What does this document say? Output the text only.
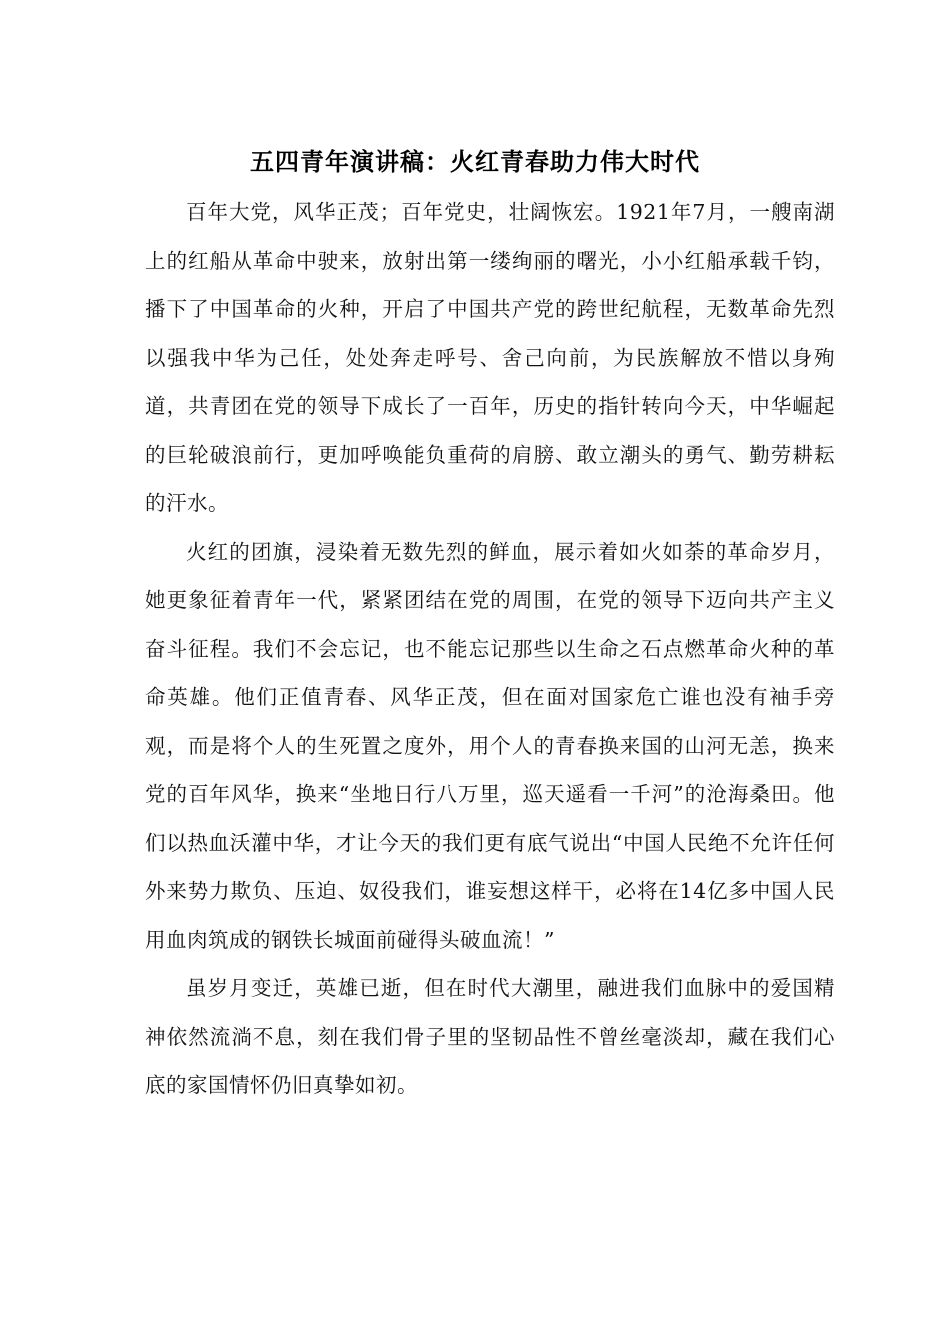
五四青年演讲稿：火红青春助力伟大时代

百年大党，风华正茂；百年党史，壮阔恢宏。1921年7月，一艘南湖上的红船从革命中驶来，放射出第一缕绚丽的曙光，小小红船承载千钧，播下了中国革命的火种，开启了中国共产党的跨世纪航程，无数革命先烈以强我中华为己任，处处奔走呼号、舍己向前，为民族解放不惜以身殉道，共青团在党的领导下成长了一百年，历史的指针转向今天，中华崛起的巨轮破浪前行，更加呼唤能负重荷的肩膀、敢立潮头的勇气、勤劳耕耘的汗水。

火红的团旗，浸染着无数先烈的鲜血，展示着如火如荼的革命岁月，她更象征着青年一代，紧紧团结在党的周围，在党的领导下迈向共产主义奋斗征程。我们不会忘记，也不能忘记那些以生命之石点燃革命火种的革命英雄。他们正值青春、风华正茂，但在面对国家危亡谁也没有袖手旁观，而是将个人的生死置之度外，用个人的青春换来国的山河无恙，换来党的百年风华，换来“坐地日行八万里，巡天遥看一千河”的沧海桑田。他们以热血沃灌中华，才让今天的我们更有底气说出“中国人民绝不允许任何外来势力欺负、压迫、奴役我们，谁妄想这样干，必将在14亿多中国人民用血肉筑成的钢铁长城面前碰得头破血流！”

虽岁月变迁，英雄已逝，但在时代大潮里，融进我们血脉中的爱国精神依然流淌不息，刻在我们骨子里的坚韧品性不曾丝毫淡却，藏在我们心底的家国情怀仍旧真挚如初。
